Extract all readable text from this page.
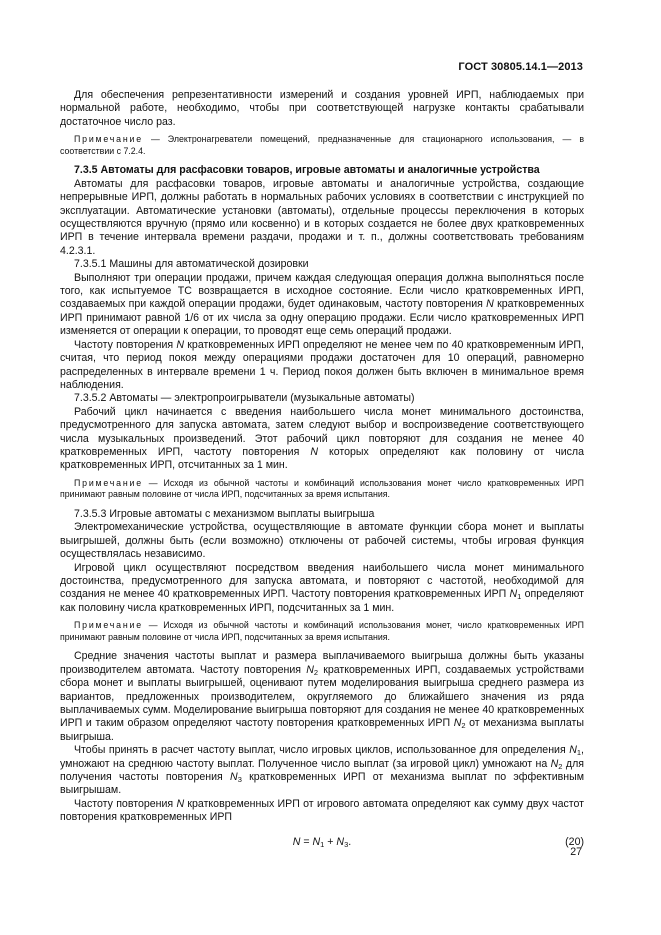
ГОСТ 30805.14.1—2013

Для обеспечения репрезентативности измерений и создания уровней ИРП, наблюдаемых при нормальной работе, необходимо, чтобы при соответствующей нагрузке контакты срабатывали достаточное число раз.

Примечание — Электронагреватели помещений, предназначенные для стационарного использования, — в соответствии с 7.2.4.

7.3.5 Автоматы для расфасовки товаров, игровые автоматы и аналогичные устройства

Автоматы для расфасовки товаров, игровые автоматы и аналогичные устройства, создающие непрерывные ИРП, должны работать в нормальных рабочих условиях в соответствии с инструкцией по эксплуатации. Автоматические установки (автоматы), отдельные процессы переключения в которых осуществляются вручную (прямо или косвенно) и в которых создается не более двух кратковременных ИРП в течение интервала времени раздачи, продажи и т. п., должны соответствовать требованиям 4.2.3.1.

7.3.5.1 Машины для автоматической дозировки

Выполняют три операции продажи, причем каждая следующая операция должна выполняться после того, как испытуемое ТС возвращается в исходное состояние. Если число кратковременных ИРП, создаваемых при каждой операции продажи, будет одинаковым, частоту повторения N кратковременных ИРП принимают равной 1/6 от их числа за одну операцию продажи. Если число кратковременных ИРП изменяется от операции к операции, то проводят еще семь операций продажи.

Частоту повторения N кратковременных ИРП определяют не менее чем по 40 кратковременным ИРП, считая, что период покоя между операциями продажи достаточен для 10 операций, равномерно распределенных в интервале времени 1 ч. Период покоя должен быть включен в минимальное время наблюдения.

7.3.5.2 Автоматы — электропроигрыватели (музыкальные автоматы)

Рабочий цикл начинается с введения наибольшего числа монет минимального достоинства, предусмотренного для запуска автомата, затем следуют выбор и воспроизведение соответствующего числа музыкальных произведений. Этот рабочий цикл повторяют для создания не менее 40 кратковременных ИРП, частоту повторения N которых определяют как половину от числа кратковременных ИРП, отсчитанных за 1 мин.

Примечание — Исходя из обычной частоты и комбинаций использования монет число кратковременных ИРП принимают равным половине от числа ИРП, подсчитанных за время испытания.

7.3.5.3 Игровые автоматы с механизмом выплаты выигрыша

Электромеханические устройства, осуществляющие в автомате функции сбора монет и выплаты выигрышей, должны быть (если возможно) отключены от рабочей системы, чтобы игровая функция осуществлялась независимо.

Игровой цикл осуществляют посредством введения наибольшего числа монет минимального достоинства, предусмотренного для запуска автомата, и повторяют с частотой, необходимой для создания не менее 40 кратковременных ИРП. Частоту повторения кратковременных ИРП $N_1$ определяют как половину числа кратковременных ИРП, подсчитанных за 1 мин.

Примечание — Исходя из обычной частоты и комбинаций использования монет, число кратковременных ИРП принимают равным половине от числа ИРП, подсчитанных за время испытания.

Средние значения частоты выплат и размера выплачиваемого выигрыша должны быть указаны производителем автомата. Частоту повторения $N_2$ кратковременных ИРП, создаваемых устройствами сбора монет и выплаты выигрышей, оценивают путем моделирования выигрыша среднего размера из вариантов, предложенных производителем, округляемого до ближайшего значения из ряда выплачиваемых сумм. Моделирование выигрыша повторяют для создания не менее 40 кратковременных ИРП и таким образом определяют частоту повторения кратковременных ИРП $N_2$ от механизма выплаты выигрыша.

Чтобы принять в расчет частоту выплат, число игровых циклов, использованное для определения $N_1$, умножают на среднюю частоту выплат. Полученное число выплат (за игровой цикл) умножают на $N_2$ для получения частоты повторения $N_3$ кратковременных ИРП от механизма выплат по эффективным выигрышам.

Частоту повторения N кратковременных ИРП от игрового автомата определяют как сумму двух частот повторения кратковременных ИРП

$N = N_1 + N_3$.	(20)
27
